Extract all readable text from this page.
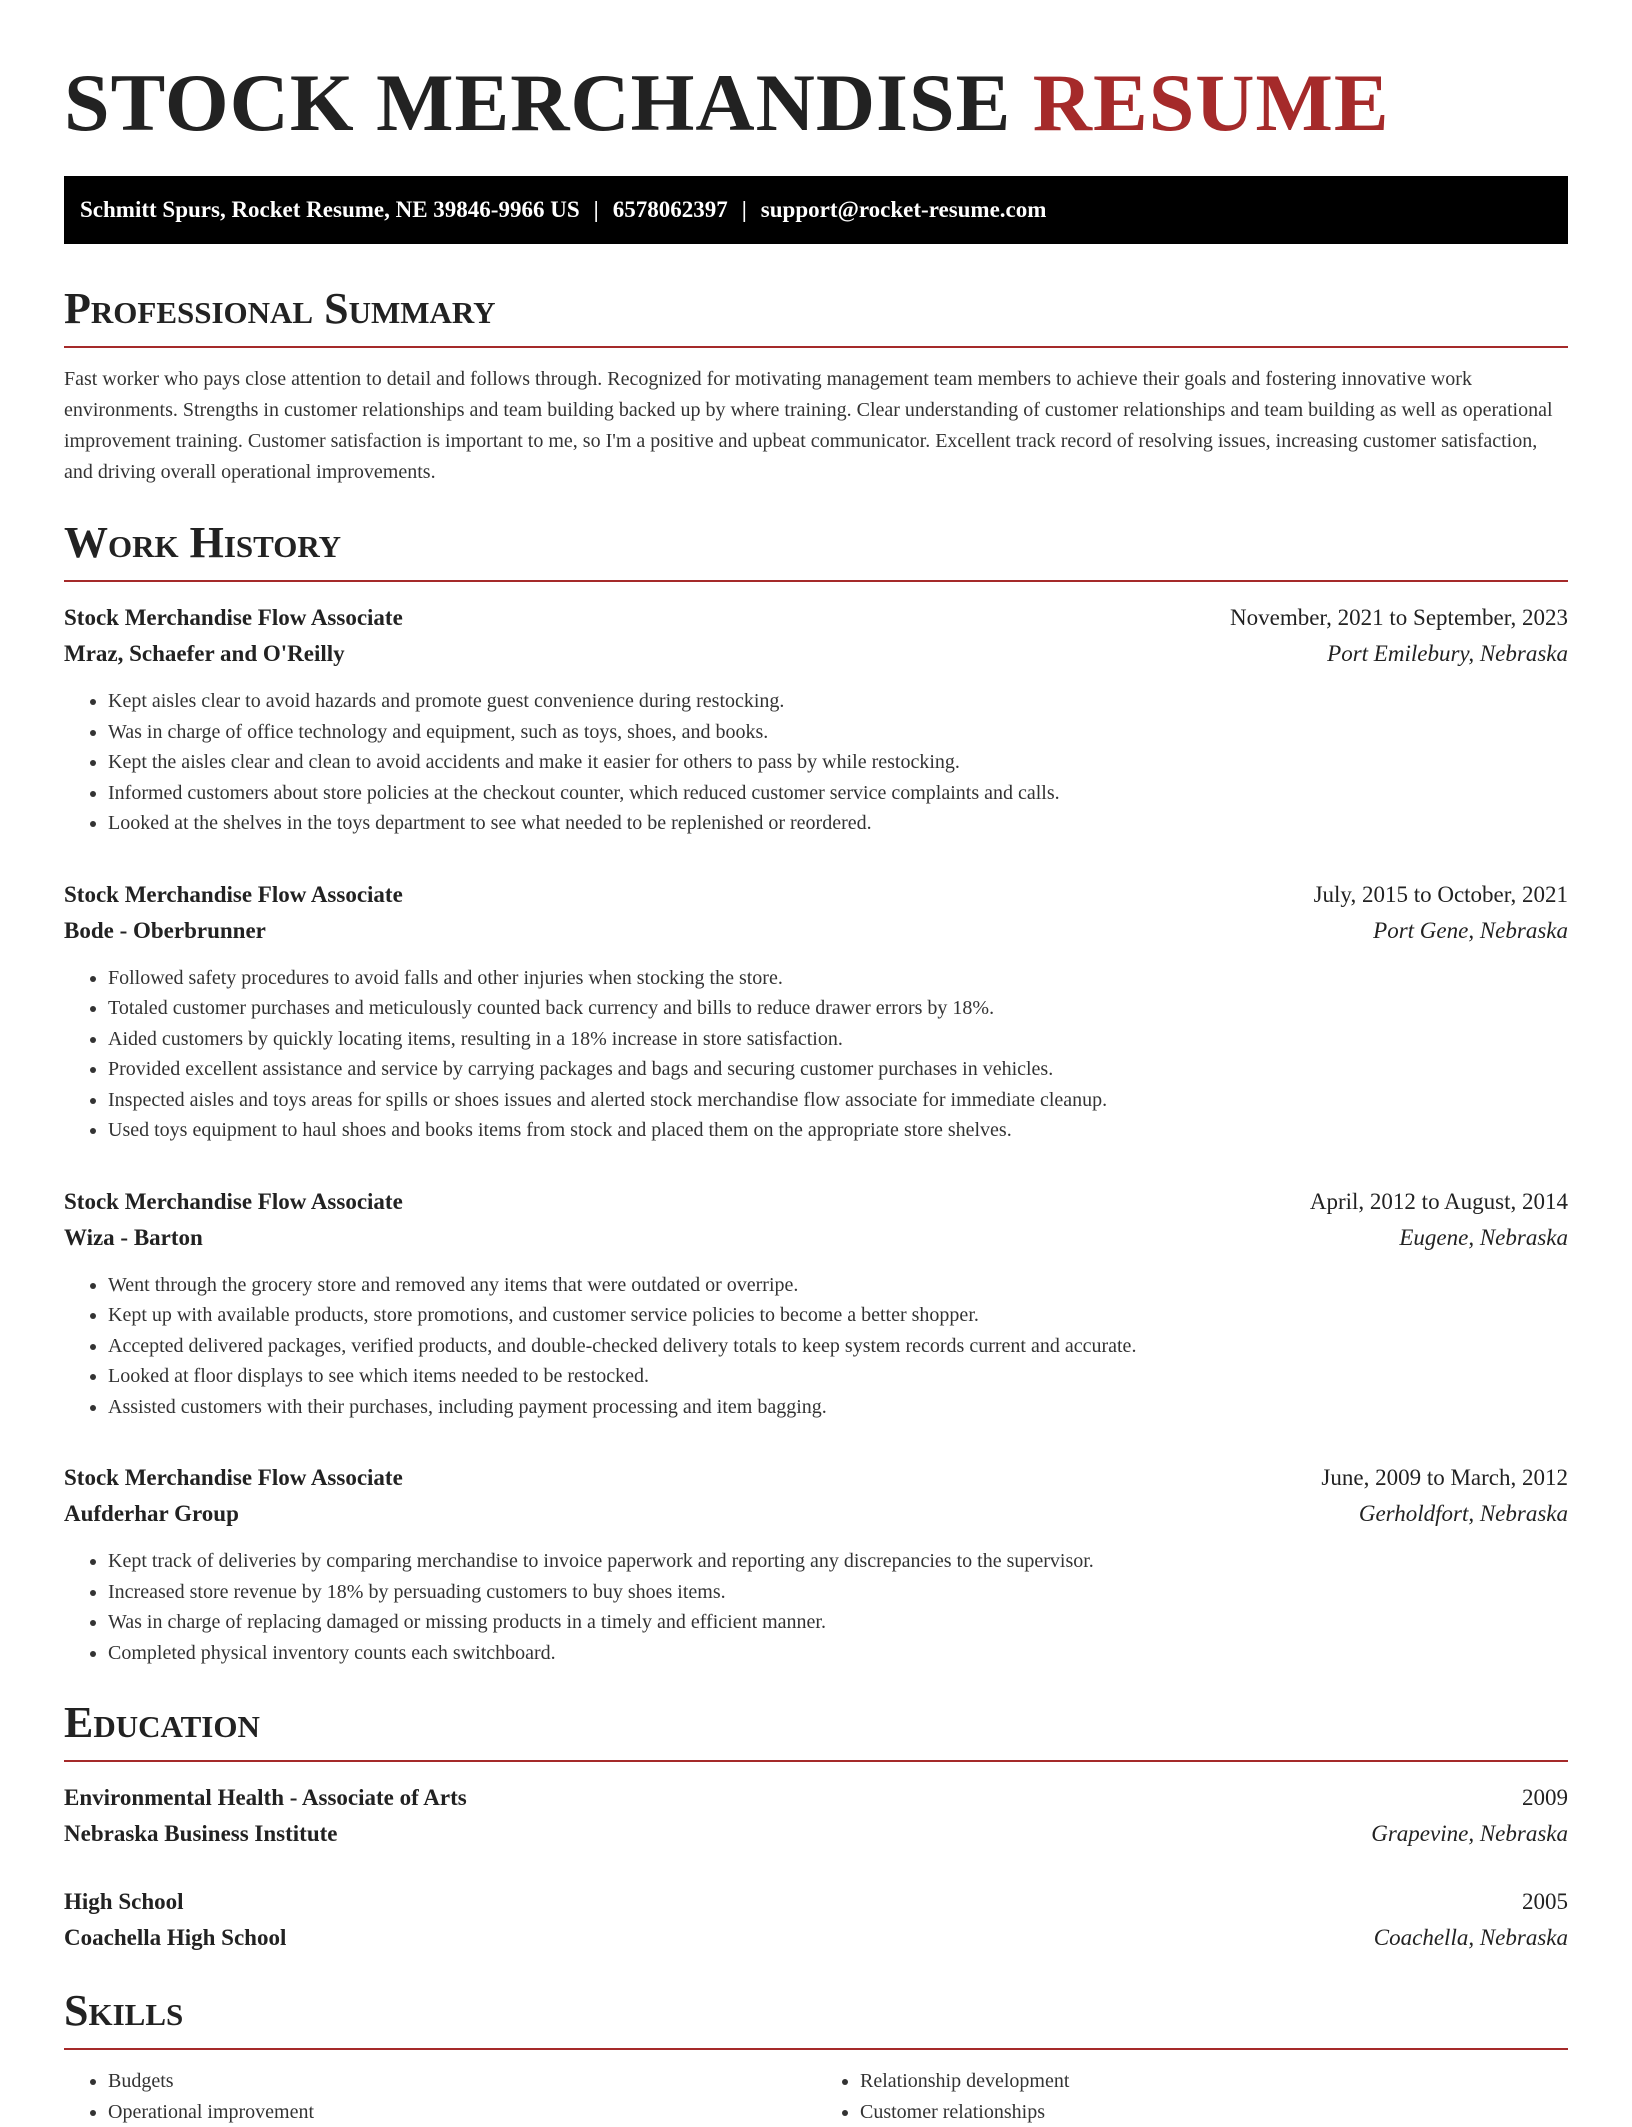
STOCK MERCHANDISE RESUME
Schmitt Spurs, Rocket Resume, NE 39846-9966 US | 6578062397 | support@rocket-resume.com
Professional Summary

Fast worker who pays close attention to detail and follows through. Recognized for motivating management team members to achieve their goals and fostering innovative work environments. Strengths in customer relationships and team building backed up by where training. Clear understanding of customer relationships and team building as well as operational improvement training. Customer satisfaction is important to me, so I'm a positive and upbeat communicator. Excellent track record of resolving issues, increasing customer satisfaction, and driving overall operational improvements.

Work History
Stock Merchandise Flow Associate	November, 2021 to September, 2023
Mraz, Schaefer and O'Reilly	Port Emilebury, Nebraska
• Kept aisles clear to avoid hazards and promote guest convenience during restocking.
• Was in charge of office technology and equipment, such as toys, shoes, and books.
• Kept the aisles clear and clean to avoid accidents and make it easier for others to pass by while restocking.
• Informed customers about store policies at the checkout counter, which reduced customer service complaints and calls.
• Looked at the shelves in the toys department to see what needed to be replenished or reordered.
Stock Merchandise Flow Associate	July, 2015 to October, 2021
Bode - Oberbrunner	Port Gene, Nebraska
• Followed safety procedures to avoid falls and other injuries when stocking the store.
• Totaled customer purchases and meticulously counted back currency and bills to reduce drawer errors by 18%.
• Aided customers by quickly locating items, resulting in a 18% increase in store satisfaction.
• Provided excellent assistance and service by carrying packages and bags and securing customer purchases in vehicles.
• Inspected aisles and toys areas for spills or shoes issues and alerted stock merchandise flow associate for immediate cleanup.
• Used toys equipment to haul shoes and books items from stock and placed them on the appropriate store shelves.
Stock Merchandise Flow Associate	April, 2012 to August, 2014
Wiza - Barton	Eugene, Nebraska
• Went through the grocery store and removed any items that were outdated or overripe.
• Kept up with available products, store promotions, and customer service policies to become a better shopper.
• Accepted delivered packages, verified products, and double-checked delivery totals to keep system records current and accurate.
• Looked at floor displays to see which items needed to be restocked.
• Assisted customers with their purchases, including payment processing and item bagging.
Stock Merchandise Flow Associate	June, 2009 to March, 2012
Aufderhar Group	Gerholdfort, Nebraska
• Kept track of deliveries by comparing merchandise to invoice paperwork and reporting any discrepancies to the supervisor.
• Increased store revenue by 18% by persuading customers to buy shoes items.
• Was in charge of replacing damaged or missing products in a timely and efficient manner.
• Completed physical inventory counts each switchboard.
Education
Environmental Health - Associate of Arts	2009
Nebraska Business Institute	Grapevine, Nebraska
High School	2005
Coachella High School	Coachella, Nebraska
Skills
• Budgets
• Operational improvement
• Relationship development
• Customer relationships
